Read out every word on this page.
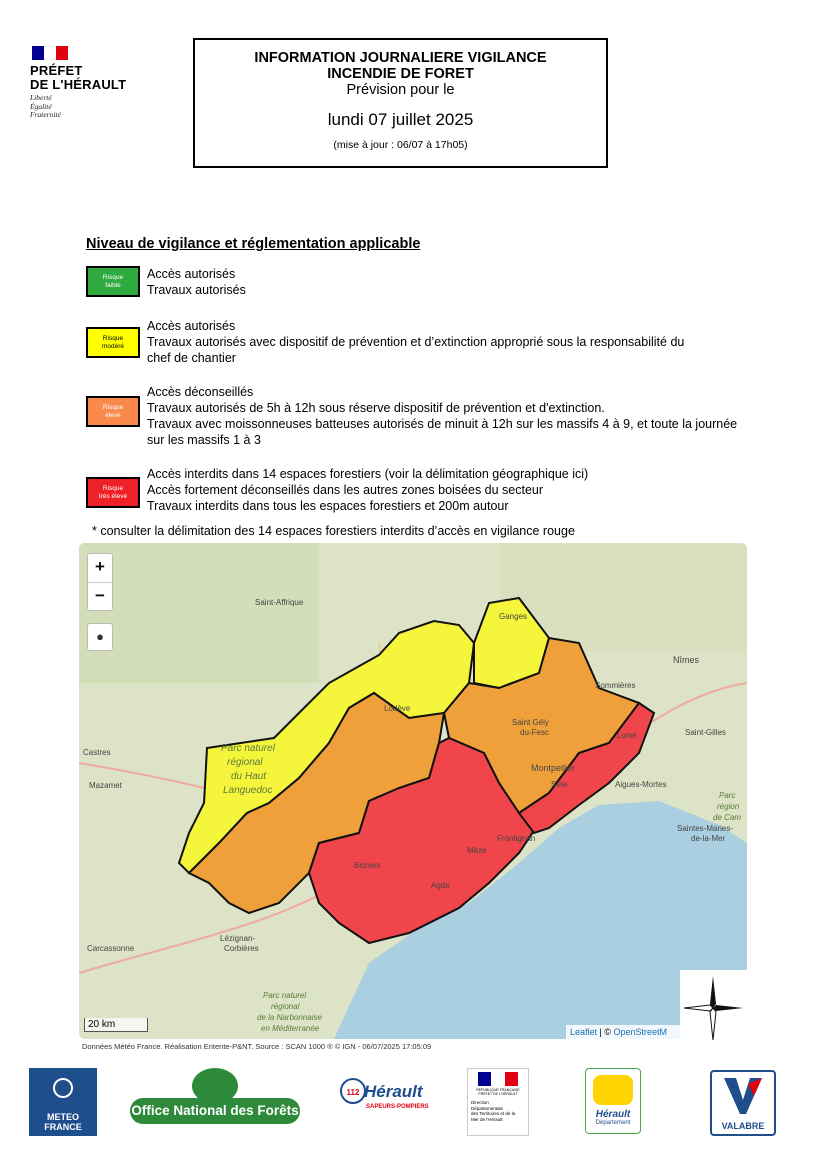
PRÉFET
DE L'HÉRAULT
Liberté
Égalité
Fraternité
INFORMATION JOURNALIERE VIGILANCE
INCENDIE DE FORET
Prévision pour le
lundi 07 juillet 2025
(mise à jour : 06/07 à 17h05)
Niveau de vigilance et réglementation applicable
Risque
faible
Accès autorisés
Travaux autorisés
Risque
modéré
Accès autorisés
Travaux autorisés avec dispositif de prévention et d’extinction approprié sous la responsabilité du
chef de chantier
Risque
élevé
Accès déconseillés
Travaux autorisés de 5h à 12h sous réserve dispositif de prévention et d'extinction.
Travaux avec moissonneuses batteuses autorisés de minuit à 12h sur les massifs 4 à 9, et toute la journée
sur les massifs 1 à 3
Risque
très élevé
Accès interdits dans 14 espaces forestiers (voir la délimitation géographique ici)
Accès fortement déconseillés dans les autres zones boisées du secteur
Travaux interdits dans tous les espaces forestiers et 200m autour
* consulter la délimitation des 14 espaces forestiers interdits d’accès en vigilance rouge
Saint-Affrique
Ganges
Nîmes
Sommières
Lodève
Saint Gély
du-Fesc	Lunel	Saint-Gilles
Castres	Parc naturel
régional
du Haut
Languedoc
Montpellier
Sète	Aigues-Mortes
Mazamet
Frontignan
Mèze
Saintes-Maries-
de-la-Mer
Parc
région
de Cam
Béziers
Agde
Lézignan-
Corbières
Carcassonne
Parc naturel
régional
de la Narbonnaise
en Méditerranée
+
−
●
20 km
Leaflet | © OpenStreetM
Données Météo France. Réalisation Entente-P&NT. Source : SCAN 1000 ® © IGN - 06/07/2025 17:05:09
METEO
FRANCE
Office National des Forêts
112 Hérault
SAPEURS-POMPIERS
RÉPUBLIQUE FRANÇAISE
PRÉFET DE L'HÉRAULT
Direction
Départementale
des Territoires et de la
Mer de l'Hérault	Hérault
Département	VALABRE
